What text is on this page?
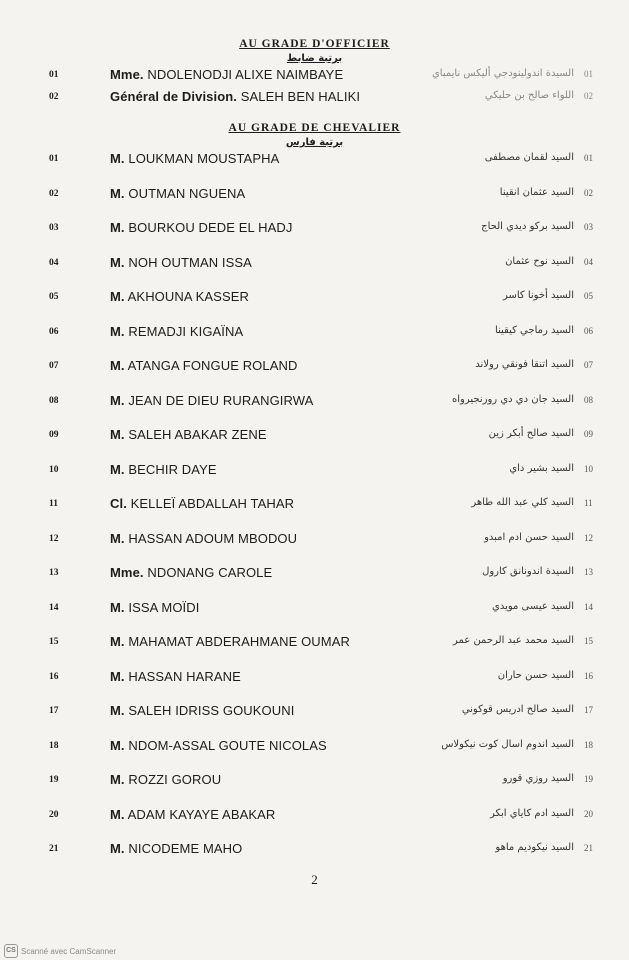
AU GRADE D'OFFICIER
برتبة ضابط
01	Mme. NDOLENODJI ALIXE NAIMBAYE	السيدة اندولينودجي أليكس نايمباي 01
02	Général de Division. SALEH BEN HALIKI	اللواء صالح بن حليكي 02
AU GRADE DE CHEVALIER
برتبة فارس
01	M. LOUKMAN MOUSTAPHA	السيد لقمان مصطفى 01
02	M. OUTMAN NGUENA	السيد عثمان انقينا 02
03	M. BOURKOU DEDE EL HADJ	السيد بركو ديدي الحاج 03
04	M. NOH OUTMAN ISSA	السيد نوح عثمان 04
05	M. AKHOUNA KASSER	السيد أخونا كاسر 05
06	M. REMADJI KIGAÏNA	السيد رماجي كيقينا 06
07	M. ATANGA FONGUE ROLAND	السيد اتنقا فونقي رولاند 07
08	M. JEAN DE DIEU RURANGIRWA	السيد جان دي دي رورنجيرواه 08
09	M. SALEH ABAKAR ZENE	السيد صالح أبكر زين 09
10	M. BECHIR DAYE	السيد بشير داي 10
11	Cl. KELLEÏ ABDALLAH TAHAR	السيد كلي عبد الله طاهر 11
12	M. HASSAN ADOUM MBODOU	السيد حسن ادم امبدو 12
13	Mme. NDONANG CAROLE	السيدة اندونانق كارول 13
14	M. ISSA MOÏDI	السيد عيسى مويدي 14
15	M. MAHAMAT ABDERAHMANE OUMAR	السيد محمد عبد الرحمن عمر 15
16	M. HASSAN HARANE	السيد حسن حاران 16
17	M. SALEH IDRISS GOUKOUNI	السيد صالح ادريس قوكوني 17
18	M. NDOM-ASSAL GOUTE NICOLAS	السيد اندوم اسال كوت نيكولاس 18
19	M. ROZZI GOROU	السيد روزي قورو 19
20	M. ADAM KAYAYE ABAKAR	السيد ادم كاياي ابكر 20
21	M. NICODEME MAHO	السيد نيكوديم ماهو 21
2
CS Scanné avec CamScanner
